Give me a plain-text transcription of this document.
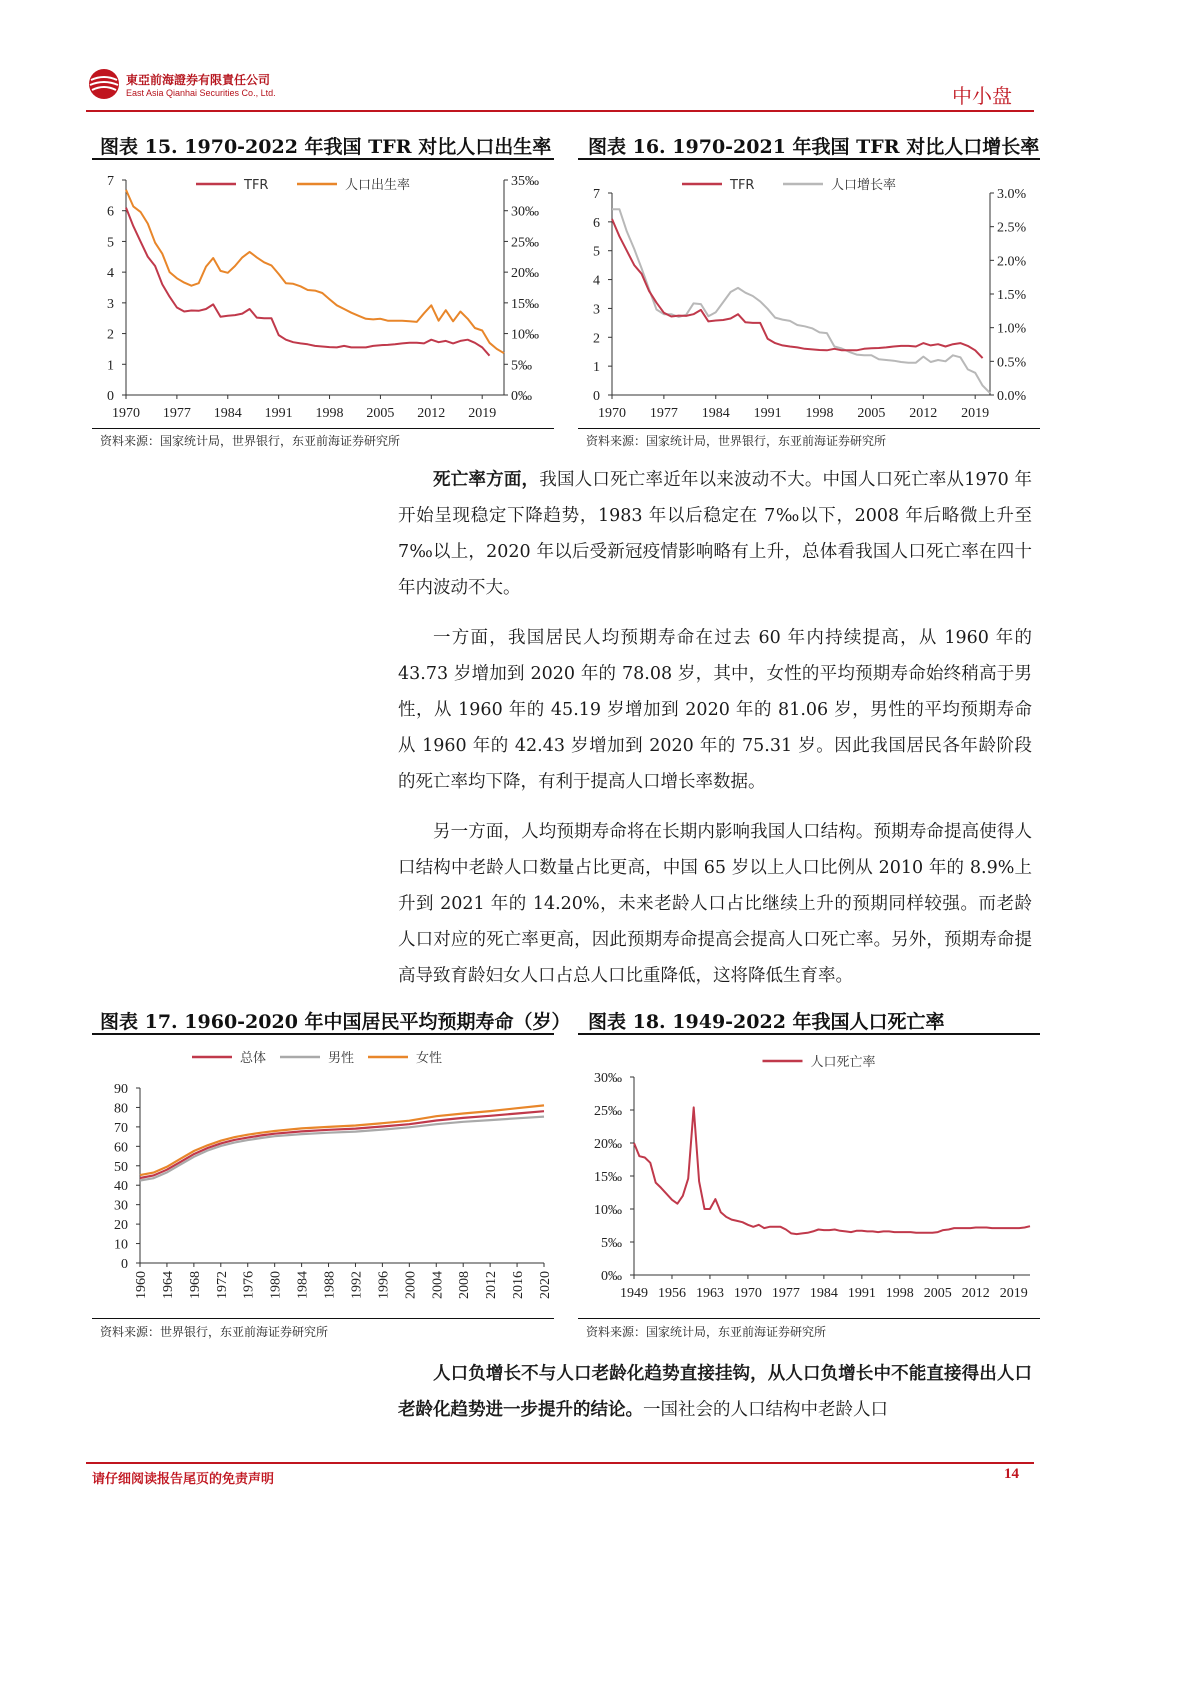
東亞前海證券有限責任公司
East Asia Qianhai Securities Co., Ltd.	中小盘
图表 15. 1970-2022 年我国 TFR 对比人口出生率
0
1
2
3
4
5
6
7
0‰
5‰
10‰
15‰
20‰
25‰
30‰
35‰
1970 1977 1984 1991 1998 2005 2012 2019
TFR	人口出生率
资料来源：国家统计局，世界银行，东亚前海证券研究所
图表 16. 1970-2021 年我国 TFR 对比人口增长率
0
1
2
3
4
5
6
7
0.0%
0.5%
1.0%
1.5%
2.0%
2.5%
3.0%
1970 1977 1984 1991 1998 2005 2012 2019
TFR	人口增长率
资料来源：国家统计局，世界银行，东亚前海证券研究所

死亡率方面，我国人口死亡率近年以来波动不大。中国人口死亡率从1970 年开始呈现稳定下降趋势，1983 年以后稳定在 7‰以下，2008 年后略微上升至 7‰以上，2020 年以后受新冠疫情影响略有上升，总体看我国人口死亡率在四十年内波动不大。

一方面，我国居民人均预期寿命在过去 60 年内持续提高，从 1960 年的 43.73 岁增加到 2020 年的 78.08 岁，其中，女性的平均预期寿命始终稍高于男性，从 1960 年的 45.19 岁增加到 2020 年的 81.06 岁，男性的平均预期寿命从 1960 年的 42.43 岁增加到 2020 年的 75.31 岁。因此我国居民各年龄阶段的死亡率均下降，有利于提高人口增长率数据。

另一方面，人均预期寿命将在长期内影响我国人口结构。预期寿命提高使得人口结构中老龄人口数量占比更高，中国 65 岁以上人口比例从 2010 年的 8.9%上升到 2021 年的 14.20%，未来老龄人口占比继续上升的预期同样较强。而老龄人口对应的死亡率更高，因此预期寿命提高会提高人口死亡率。另外，预期寿命提高导致育龄妇女人口占总人口比重降低，这将降低生育率。

图表 17. 1960-2020 年中国居民平均预期寿命（岁）
0
10
20
30
40
50
60
70
80
90
1960 1964 1968 1972 1976 1980 1984 1988 1992 1996 2000 2004 2008 2012 2016 2020
总体	男性	女性
资料来源：世界银行，东亚前海证券研究所
图表 18. 1949-2022 年我国人口死亡率
0‰
5‰
10‰
15‰
20‰
25‰
30‰
1949 1956 1963 1970 1977 1984 1991 1998 2005 2012 2019
人口死亡率
资料来源：国家统计局，东亚前海证券研究所

人口负增长不与人口老龄化趋势直接挂钩，从人口负增长中不能直接得出人口老龄化趋势进一步提升的结论。一国社会的人口结构中老龄人口

请仔细阅读报告尾页的免责声明	14
